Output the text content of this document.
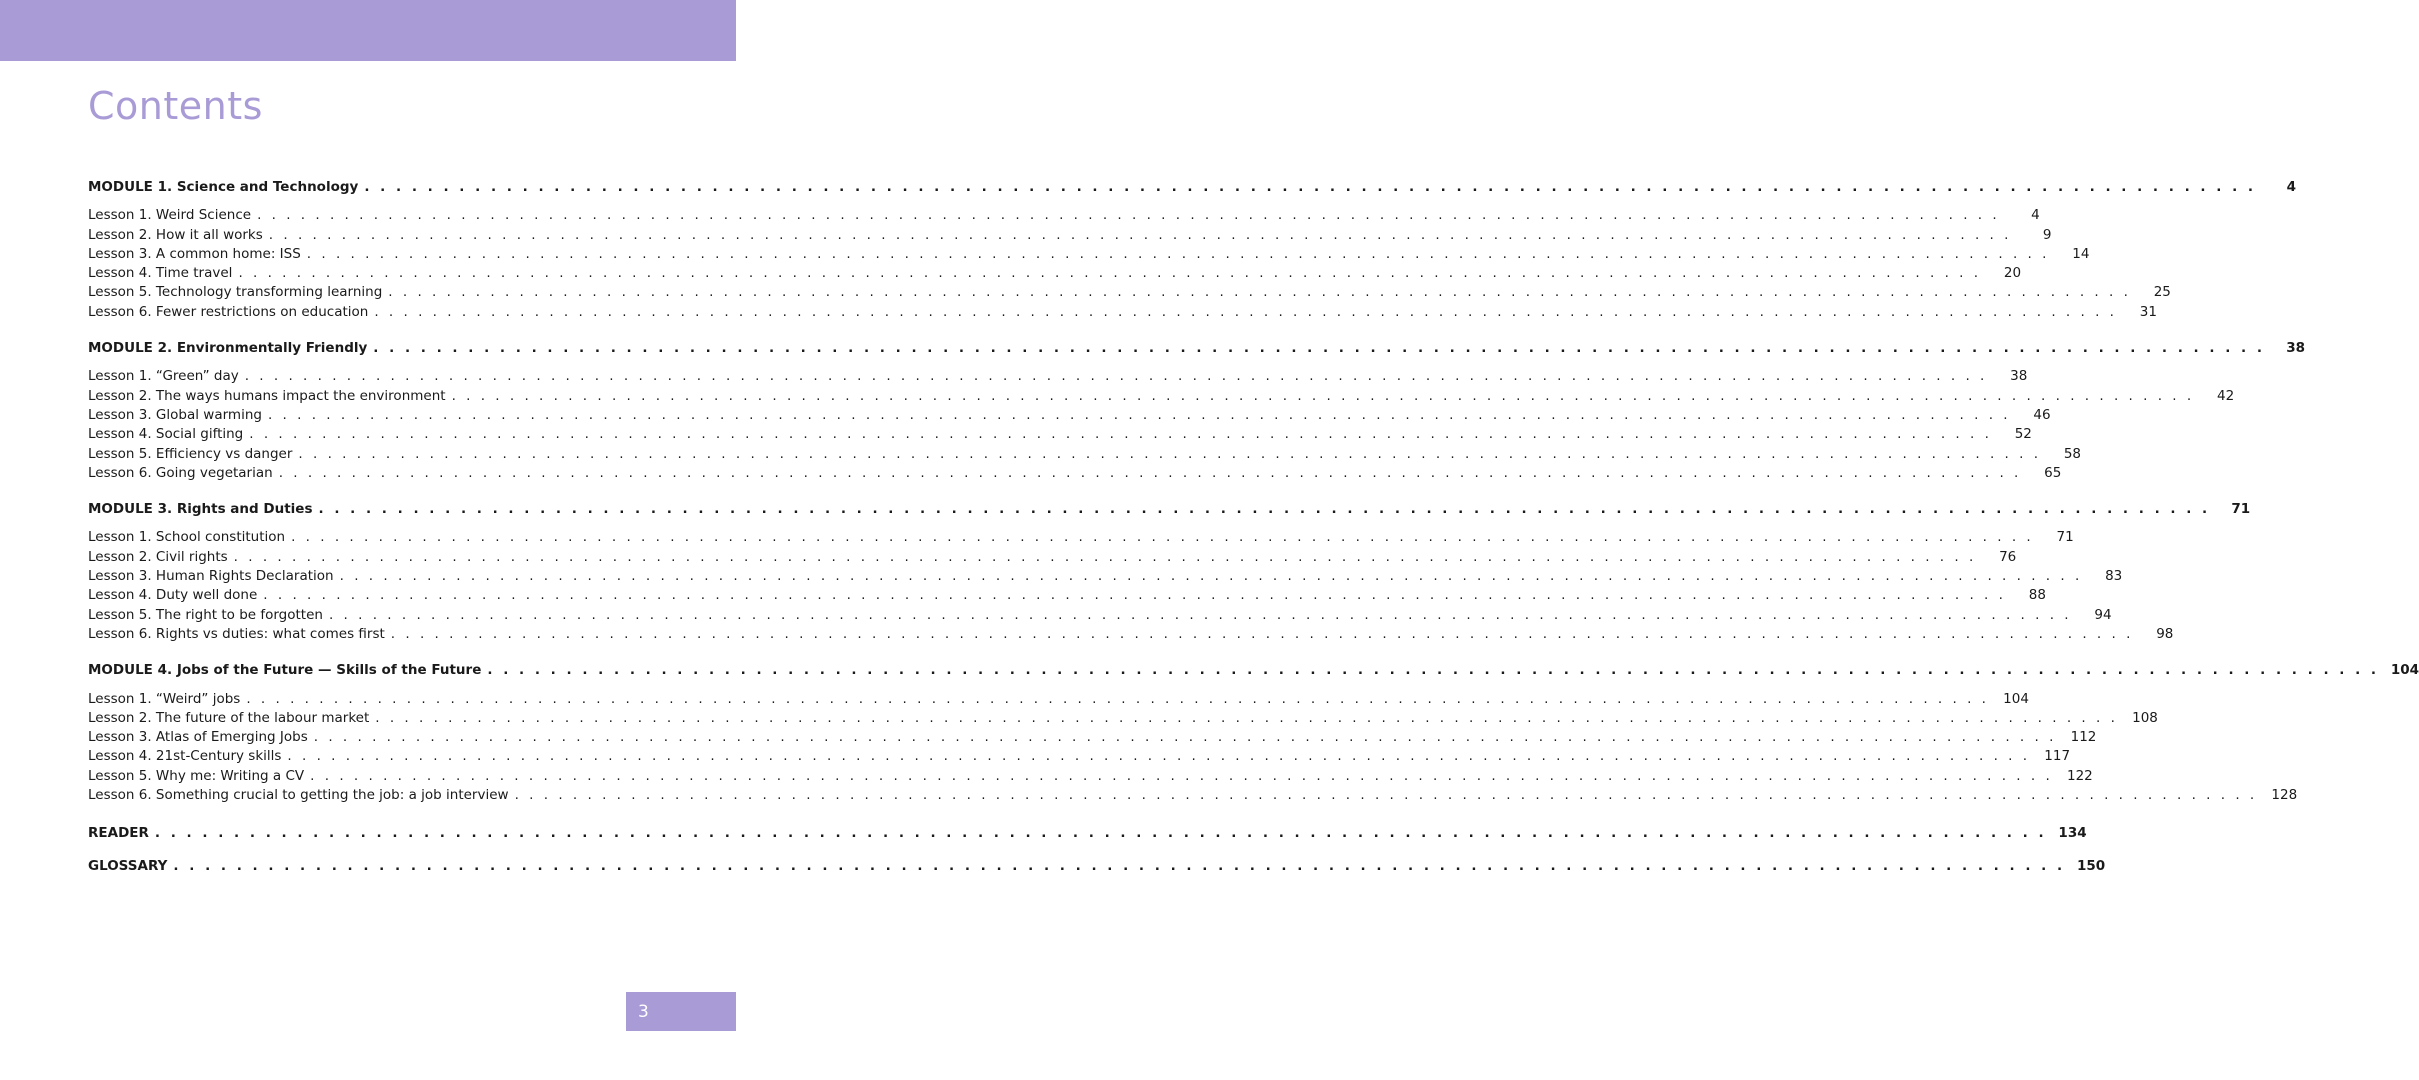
Contents
MODULE 1. Science and Technology . . . . . . . . . . . . . . . . . . . . . . . . . . . . . . . . . . . . . . . . . . . . . . . . . . . . . . . . . . . . . . . . . . . . . . . . . . . . . . . . . . . . . . . . . . . . . . . . . . . . . . . . . . . . . . . . . . . . . . . .	4
Lesson 1. Weird Science . . . . . . . . . . . . . . . . . . . . . . . . . . . . . . . . . . . . . . . . . . . . . . . . . . . . . . . . . . . . . . . . . . . . . . . . . . . . . . . . . . . . . . . . . . . . . . . . . . . . . . . . . . . . . . . . . . . . . . . .	4
Lesson 2. How it all works . . . . . . . . . . . . . . . . . . . . . . . . . . . . . . . . . . . . . . . . . . . . . . . . . . . . . . . . . . . . . . . . . . . . . . . . . . . . . . . . . . . . . . . . . . . . . . . . . . . . . . . . . . . . . . . . . . . . . . . .	9
Lesson 3. A common home: ISS . . . . . . . . . . . . . . . . . . . . . . . . . . . . . . . . . . . . . . . . . . . . . . . . . . . . . . . . . . . . . . . . . . . . . . . . . . . . . . . . . . . . . . . . . . . . . . . . . . . . . . . . . . . . . . . . . . . . . . . .	14
Lesson 4. Time travel . . . . . . . . . . . . . . . . . . . . . . . . . . . . . . . . . . . . . . . . . . . . . . . . . . . . . . . . . . . . . . . . . . . . . . . . . . . . . . . . . . . . . . . . . . . . . . . . . . . . . . . . . . . . . . . . . . . . . . . .	20
Lesson 5. Technology transforming learning . . . . . . . . . . . . . . . . . . . . . . . . . . . . . . . . . . . . . . . . . . . . . . . . . . . . . . . . . . . . . . . . . . . . . . . . . . . . . . . . . . . . . . . . . . . . . . . . . . . . . . . . . . . . . . . . . . . . . . . .	25
Lesson 6. Fewer restrictions on education . . . . . . . . . . . . . . . . . . . . . . . . . . . . . . . . . . . . . . . . . . . . . . . . . . . . . . . . . . . . . . . . . . . . . . . . . . . . . . . . . . . . . . . . . . . . . . . . . . . . . . . . . . . . . . . . . . . . . . . .	31
MODULE 2. Environmentally Friendly . . . . . . . . . . . . . . . . . . . . . . . . . . . . . . . . . . . . . . . . . . . . . . . . . . . . . . . . . . . . . . . . . . . . . . . . . . . . . . . . . . . . . . . . . . . . . . . . . . . . . . . . . . . . . . . . . . . . . . . .	38
Lesson 1. “Green” day . . . . . . . . . . . . . . . . . . . . . . . . . . . . . . . . . . . . . . . . . . . . . . . . . . . . . . . . . . . . . . . . . . . . . . . . . . . . . . . . . . . . . . . . . . . . . . . . . . . . . . . . . . . . . . . . . . . . . . . .	38
Lesson 2. The ways humans impact the environment . . . . . . . . . . . . . . . . . . . . . . . . . . . . . . . . . . . . . . . . . . . . . . . . . . . . . . . . . . . . . . . . . . . . . . . . . . . . . . . . . . . . . . . . . . . . . . . . . . . . . . . . . . . . . . . . . . . . . . . .	42
Lesson 3. Global warming . . . . . . . . . . . . . . . . . . . . . . . . . . . . . . . . . . . . . . . . . . . . . . . . . . . . . . . . . . . . . . . . . . . . . . . . . . . . . . . . . . . . . . . . . . . . . . . . . . . . . . . . . . . . . . . . . . . . . . . .	46
Lesson 4. Social gifting . . . . . . . . . . . . . . . . . . . . . . . . . . . . . . . . . . . . . . . . . . . . . . . . . . . . . . . . . . . . . . . . . . . . . . . . . . . . . . . . . . . . . . . . . . . . . . . . . . . . . . . . . . . . . . . . . . . . . . . .	52
Lesson 5. Efficiency vs danger . . . . . . . . . . . . . . . . . . . . . . . . . . . . . . . . . . . . . . . . . . . . . . . . . . . . . . . . . . . . . . . . . . . . . . . . . . . . . . . . . . . . . . . . . . . . . . . . . . . . . . . . . . . . . . . . . . . . . . . .	58
Lesson 6. Going vegetarian . . . . . . . . . . . . . . . . . . . . . . . . . . . . . . . . . . . . . . . . . . . . . . . . . . . . . . . . . . . . . . . . . . . . . . . . . . . . . . . . . . . . . . . . . . . . . . . . . . . . . . . . . . . . . . . . . . . . . . . .	65
MODULE 3. Rights and Duties . . . . . . . . . . . . . . . . . . . . . . . . . . . . . . . . . . . . . . . . . . . . . . . . . . . . . . . . . . . . . . . . . . . . . . . . . . . . . . . . . . . . . . . . . . . . . . . . . . . . . . . . . . . . . . . . . . . . . . . .	71
Lesson 1. School constitution . . . . . . . . . . . . . . . . . . . . . . . . . . . . . . . . . . . . . . . . . . . . . . . . . . . . . . . . . . . . . . . . . . . . . . . . . . . . . . . . . . . . . . . . . . . . . . . . . . . . . . . . . . . . . . . . . . . . . . . .	71
Lesson 2. Civil rights . . . . . . . . . . . . . . . . . . . . . . . . . . . . . . . . . . . . . . . . . . . . . . . . . . . . . . . . . . . . . . . . . . . . . . . . . . . . . . . . . . . . . . . . . . . . . . . . . . . . . . . . . . . . . . . . . . . . . . . .	76
Lesson 3. Human Rights Declaration . . . . . . . . . . . . . . . . . . . . . . . . . . . . . . . . . . . . . . . . . . . . . . . . . . . . . . . . . . . . . . . . . . . . . . . . . . . . . . . . . . . . . . . . . . . . . . . . . . . . . . . . . . . . . . . . . . . . . . . .	83
Lesson 4. Duty well done . . . . . . . . . . . . . . . . . . . . . . . . . . . . . . . . . . . . . . . . . . . . . . . . . . . . . . . . . . . . . . . . . . . . . . . . . . . . . . . . . . . . . . . . . . . . . . . . . . . . . . . . . . . . . . . . . . . . . . . .	88
Lesson 5. The right to be forgotten . . . . . . . . . . . . . . . . . . . . . . . . . . . . . . . . . . . . . . . . . . . . . . . . . . . . . . . . . . . . . . . . . . . . . . . . . . . . . . . . . . . . . . . . . . . . . . . . . . . . . . . . . . . . . . . . . . . . . . . .	94
Lesson 6. Rights vs duties: what comes first . . . . . . . . . . . . . . . . . . . . . . . . . . . . . . . . . . . . . . . . . . . . . . . . . . . . . . . . . . . . . . . . . . . . . . . . . . . . . . . . . . . . . . . . . . . . . . . . . . . . . . . . . . . . . . . . . . . . . . . .	98
MODULE 4. Jobs of the Future — Skills of the Future . . . . . . . . . . . . . . . . . . . . . . . . . . . . . . . . . . . . . . . . . . . . . . . . . . . . . . . . . . . . . . . . . . . . . . . . . . . . . . . . . . . . . . . . . . . . . . . . . . . . . . . . . . . . . . . . . . . . . . . . 104
Lesson 1. “Weird” jobs . . . . . . . . . . . . . . . . . . . . . . . . . . . . . . . . . . . . . . . . . . . . . . . . . . . . . . . . . . . . . . . . . . . . . . . . . . . . . . . . . . . . . . . . . . . . . . . . . . . . . . . . . . . . . . . . . . . . . . . .	104
Lesson 2. The future of the labour market . . . . . . . . . . . . . . . . . . . . . . . . . . . . . . . . . . . . . . . . . . . . . . . . . . . . . . . . . . . . . . . . . . . . . . . . . . . . . . . . . . . . . . . . . . . . . . . . . . . . . . . . . . . . . . . . . . . . . . . .	108
Lesson 3. Atlas of Emerging Jobs . . . . . . . . . . . . . . . . . . . . . . . . . . . . . . . . . . . . . . . . . . . . . . . . . . . . . . . . . . . . . . . . . . . . . . . . . . . . . . . . . . . . . . . . . . . . . . . . . . . . . . . . . . . . . . . . . . . . . . . .	112
Lesson 4. 21st-Century skills . . . . . . . . . . . . . . . . . . . . . . . . . . . . . . . . . . . . . . . . . . . . . . . . . . . . . . . . . . . . . . . . . . . . . . . . . . . . . . . . . . . . . . . . . . . . . . . . . . . . . . . . . . . . . . . . . . . . . . . .	117
Lesson 5. Why me: Writing a CV . . . . . . . . . . . . . . . . . . . . . . . . . . . . . . . . . . . . . . . . . . . . . . . . . . . . . . . . . . . . . . . . . . . . . . . . . . . . . . . . . . . . . . . . . . . . . . . . . . . . . . . . . . . . . . . . . . . . . . . .	122
Lesson 6. Something crucial to getting the job: a job interview . . . . . . . . . . . . . . . . . . . . . . . . . . . . . . . . . . . . . . . . . . . . . . . . . . . . . . . . . . . . . . . . . . . . . . . . . . . . . . . . . . . . . . . . . . . . . . . . . . . . . . . . . . . . . . . . . . . . . . . .	128
READER . . . . . . . . . . . . . . . . . . . . . . . . . . . . . . . . . . . . . . . . . . . . . . . . . . . . . . . . . . . . . . . . . . . . . . . . . . . . . . . . . . . . . . . . . . . . . . . . . . . . . . . . . . . . . . . . . . . . . . . . 134
GLOSSARY . . . . . . . . . . . . . . . . . . . . . . . . . . . . . . . . . . . . . . . . . . . . . . . . . . . . . . . . . . . . . . . . . . . . . . . . . . . . . . . . . . . . . . . . . . . . . . . . . . . . . . . . . . . . . . . . . . . . . . . . 150
3
